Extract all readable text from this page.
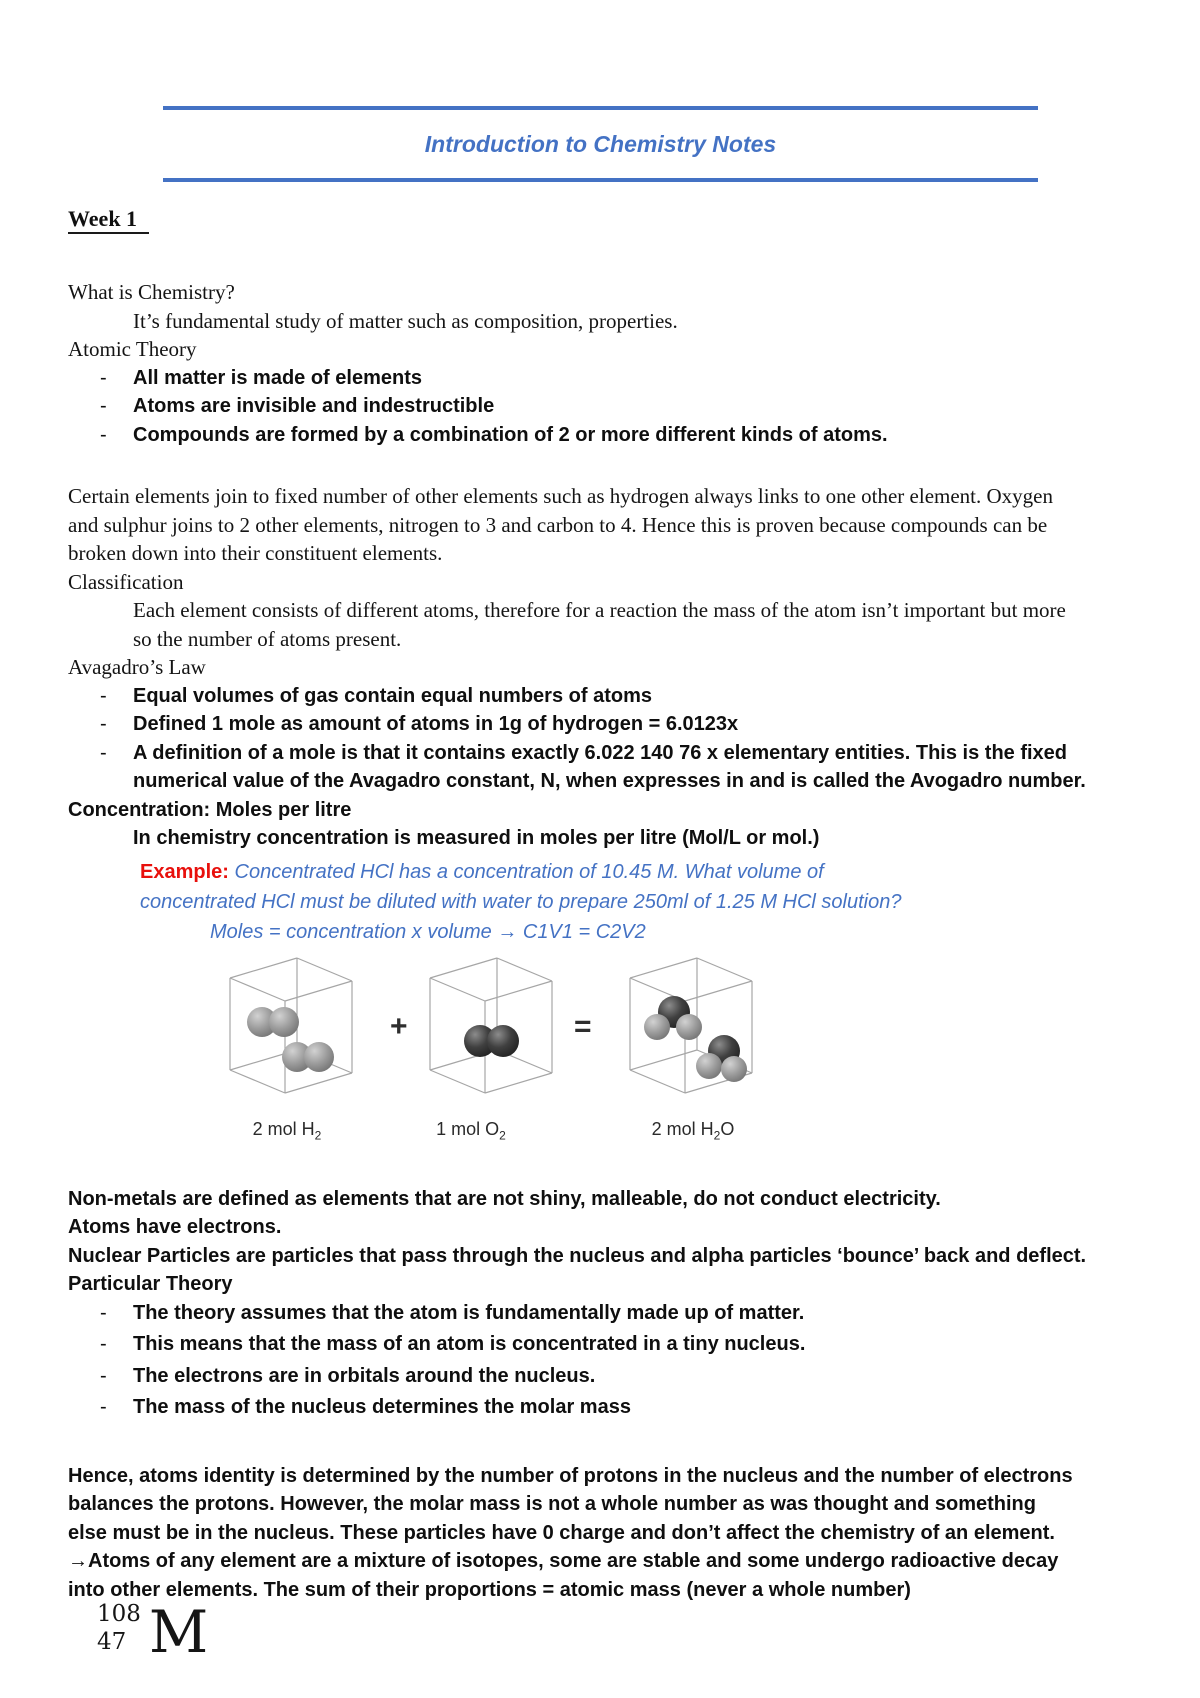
Introduction to Chemistry Notes
Week 1

What is Chemistry?

It’s fundamental study of matter such as composition, properties.

Atomic Theory

- All matter is made of elements
- Atoms are invisible and indestructible
- Compounds are formed by a combination of 2 or more different kinds of atoms.

Certain elements join to fixed number of other elements such as hydrogen always links to one other element. Oxygen and sulphur joins to 2 other elements, nitrogen to 3 and carbon to 4. Hence this is proven because compounds can be broken down into their constituent elements.

Classification

Each element consists of different atoms, therefore for a reaction the mass of the atom isn’t important but more so the number of atoms present.

Avagadro’s Law

- Equal volumes of gas contain equal numbers of atoms
- Defined 1 mole as amount of atoms in 1g of hydrogen = 6.0123x
- A definition of a mole is that it contains exactly 6.022 140 76 x elementary entities. This is the fixed numerical value of the Avagadro constant, N, when expresses in and is called the Avogadro number.

Concentration: Moles per litre

In chemistry concentration is measured in moles per litre (Mol/L or mol.)

Example: Concentrated HCl has a concentration of 10.45 M. What volume of concentrated HCl must be diluted with water to prepare 250ml of 1.25 M HCl solution?

Moles = concentration x volume → C1V1 = C2V2

+	=
2 mol $H_2$	1 mol $O_2$	2 mol $H_2O$

Non-metals are defined as elements that are not shiny, malleable, do not conduct electricity.

Atoms have electrons.

Nuclear Particles are particles that pass through the nucleus and alpha particles ‘bounce’ back and deflect.

Particular Theory

- The theory assumes that the atom is fundamentally made up of matter.
- This means that the mass of an atom is concentrated in a tiny nucleus.
- The electrons are in orbitals around the nucleus.
- The mass of the nucleus determines the molar mass

Hence, atoms identity is determined by the number of protons in the nucleus and the number of electrons balances the protons. However, the molar mass is not a whole number as was thought and something else must be in the nucleus. These particles have 0 charge and don’t affect the chemistry of an element.

→Atoms of any element are a mixture of isotopes, some are stable and some undergo radioactive decay into other elements. The sum of their proportions = atomic mass (never a whole number)

108
47 M
